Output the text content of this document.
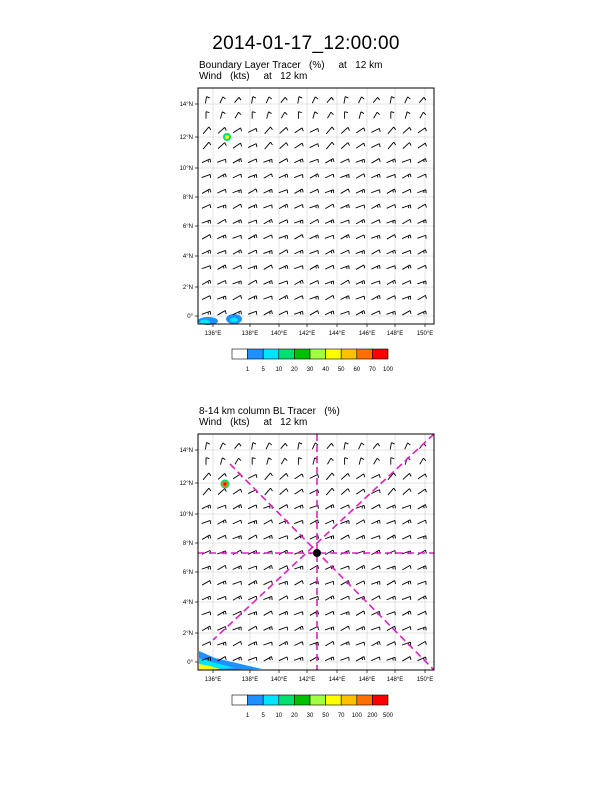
2014-01-17_12:00:00
Boundary Layer Tracer   (%)     at   12 km
Wind   (kts)     at   12 km
8-14 km column BL Tracer   (%)
Wind   (kts)     at   12 km
136°E	138°E 140°E 142°E 144°E 146°E 148°E 150°E
14°N
12°N
10°N
8°N
6°N
4°N
2°N
0°
1 5 10 20 30 40 50 60 70 100
136°E	138°E 140°E 142°E 144°E 146°E 148°E 150°E
14°N
12°N
10°N
8°N
6°N
4°N
2°N
0°
1 5 10 20 30 50 70 100 200 500
